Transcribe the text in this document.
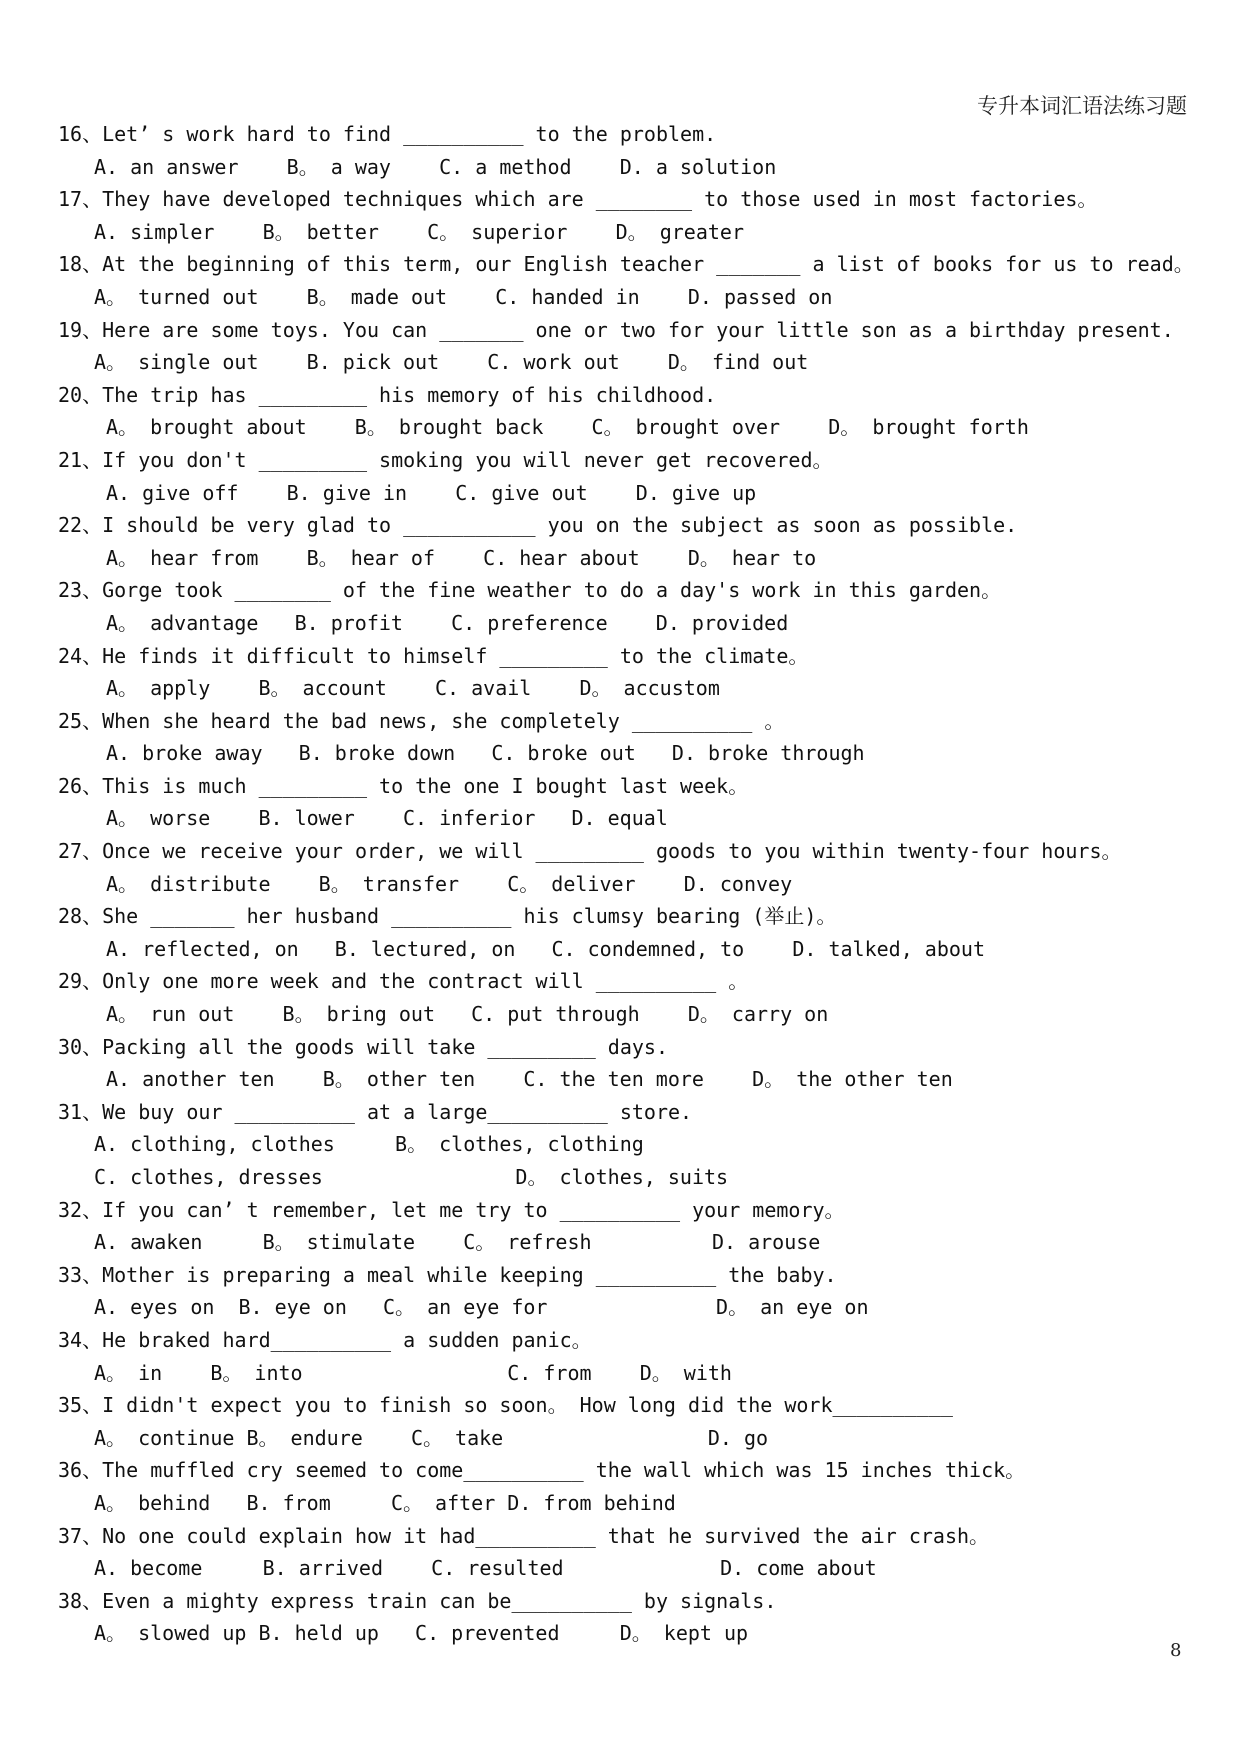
专升本词汇语法练习题
16、Let’ s work hard to find __________ to the problem.
A. an answer    B。 a way    C. a method    D. a solution
17、They have developed techniques which are ________ to those used in most factories。
A. simpler    B。 better    C。 superior    D。 greater
18、At the beginning of this term, our English teacher _______ a list of books for us to read。
A。 turned out    B。 made out    C. handed in    D. passed on
19、Here are some toys. You can _______ one or two for your little son as a birthday present.
A。 single out    B. pick out    C. work out    D。 find out
20、The trip has _________ his memory of his childhood.
A。 brought about    B。 brought back    C。 brought over    D。 brought forth
21、If you don't _________ smoking you will never get recovered。
A. give off    B. give in    C. give out    D. give up
22、I should be very glad to ___________ you on the subject as soon as possible.
A。 hear from    B。 hear of    C. hear about    D。 hear to
23、Gorge took ________ of the fine weather to do a day's work in this garden。
A。 advantage   B. profit    C. preference    D. provided
24、He finds it difficult to himself _________ to the climate。
A。 apply    B。 account    C. avail    D。 accustom
25、When she heard the bad news, she completely __________ 。
A. broke away   B. broke down   C. broke out   D. broke through
26、This is much _________ to the one I bought last week。
A。 worse    B. lower    C. inferior   D. equal
27、Once we receive your order, we will _________ goods to you within twenty-four hours。
A。 distribute    B。 transfer    C。 deliver    D. convey
28、She _______ her husband __________ his clumsy bearing (举止)。
A. reflected, on   B. lectured, on   C. condemned, to    D. talked, about
29、Only one more week and the contract will __________ 。
A。 run out    B。 bring out   C. put through    D。 carry on
30、Packing all the goods will take _________ days.
A. another ten    B。 other ten    C. the ten more    D。 the other ten
31、We buy our __________ at a large__________ store.
A. clothing, clothes     B。 clothes, clothing
C. clothes, dresses                D。 clothes, suits
32、If you can’ t remember, let me try to __________ your memory。
A. awaken     B。 stimulate    C。 refresh          D. arouse
33、Mother is preparing a meal while keeping __________ the baby.
A. eyes on  B. eye on   C。 an eye for              D。 an eye on
34、He braked hard__________ a sudden panic。
A。 in    B。 into                 C. from    D。 with
35、I didn't expect you to finish so soon。 How long did the work__________
A。 continue B。 endure    C。 take                 D. go
36、The muffled cry seemed to come__________ the wall which was 15 inches thick。
A。 behind   B. from     C。 after D. from behind
37、No one could explain how it had__________ that he survived the air crash。
A. become     B. arrived    C. resulted             D. come about
38、Even a mighty express train can be__________ by signals.
A。 slowed up B. held up   C. prevented     D。 kept up
8
